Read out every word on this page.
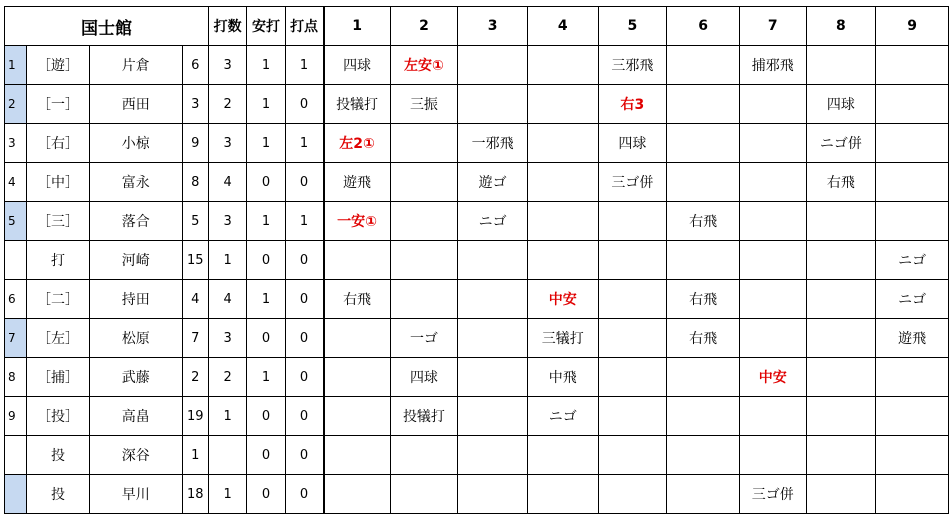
国士館				打数	安打	打点	1	2	3	4	5	6	7	8	9
1	［遊］	片倉	6	3	1	1	四球	左安①			三邪飛		捕邪飛		
2	［一］	西田	3	2	1	0	投犠打	三振			右3			四球	
3	［右］	小椋	9	3	1	1	左2①		一邪飛		四球			ニゴ併	
4	［中］	富永	8	4	0	0	遊飛		遊ゴ		三ゴ併			右飛	
5	［三］	落合	5	3	1	1	一安①		ニゴ			右飛			
	打	河崎	15	1	0	0									ニゴ
6	［二］	持田	4	4	1	0	右飛			中安		右飛			ニゴ
7	［左］	松原	7	3	0	0		一ゴ		三犠打		右飛			遊飛
8	［捕］	武藤	2	2	1	0		四球		中飛			中安		
9	［投］	高畠	19	1	0	0		投犠打		ニゴ					
	投	深谷	1		0	0									
	投	早川	18	1	0	0							三ゴ併		
